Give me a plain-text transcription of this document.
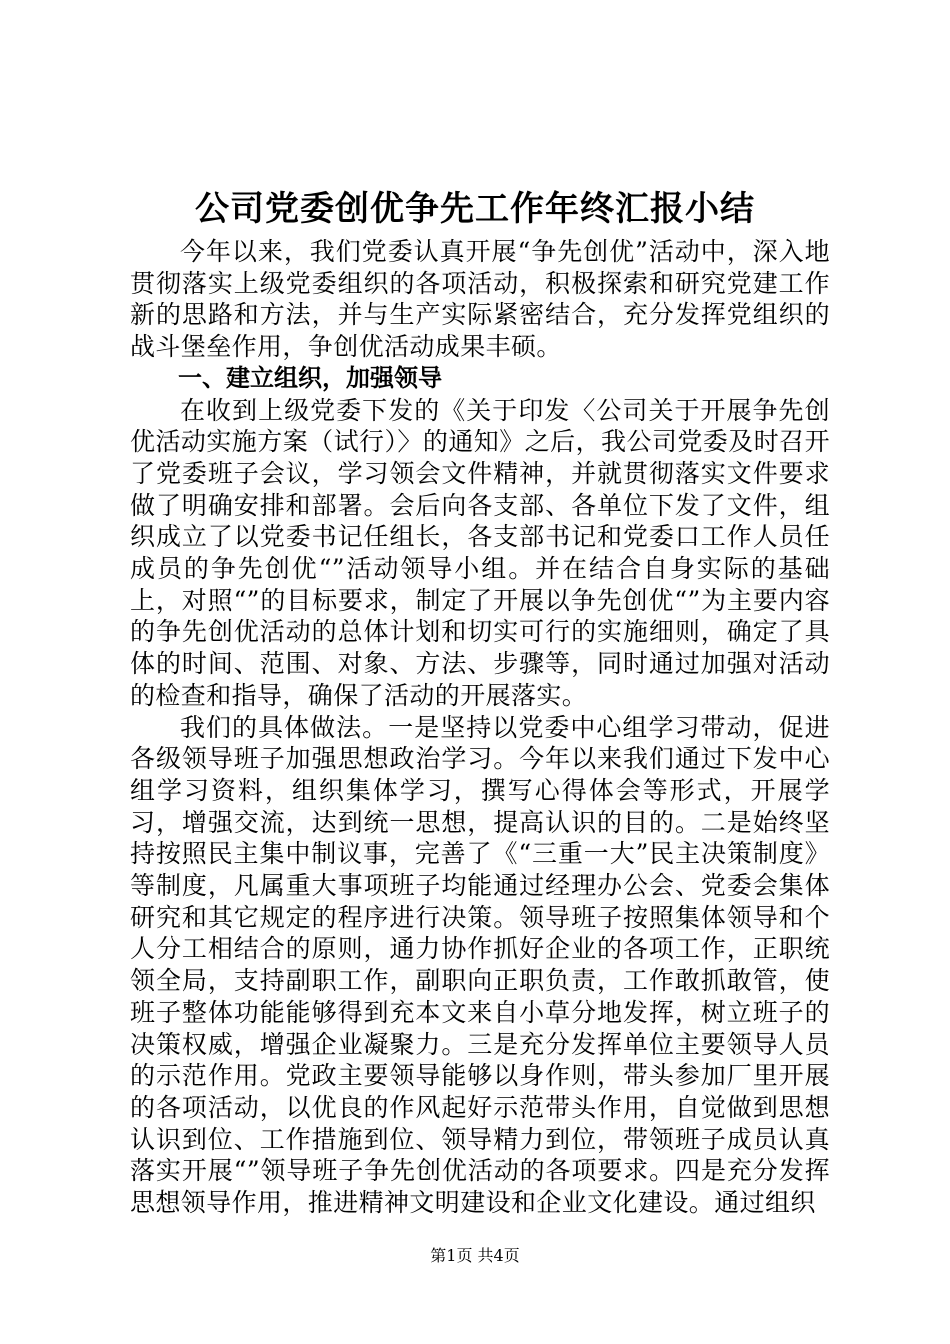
公司党委创优争先工作年终汇报小结

今年以来，我们党委认真开展“争先创优”活动中，深入地贯彻落实上级党委组织的各项活动，积极探索和研究党建工作新的思路和方法，并与生产实际紧密结合，充分发挥党组织的战斗堡垒作用，争创优活动成果丰硕。

一、建立组织，加强领导

在收到上级党委下发的《关于印发〈公司关于开展争先创优活动实施方案（试行）〉的通知》之后，我公司党委及时召开了党委班子会议，学习领会文件精神，并就贯彻落实文件要求做了明确安排和部署。会后向各支部、各单位下发了文件，组织成立了以党委书记任组长，各支部书记和党委口工作人员任成员的争先创优“”活动领导小组。并在结合自身实际的基础上，对照“”的目标要求，制定了开展以争先创优“”为主要内容的争先创优活动的总体计划和切实可行的实施细则，确定了具体的时间、范围、对象、方法、步骤等，同时通过加强对活动的检查和指导，确保了活动的开展落实。

我们的具体做法。一是坚持以党委中心组学习带动，促进各级领导班子加强思想政治学习。今年以来我们通过下发中心组学习资料，组织集体学习，撰写心得体会等形式，开展学习，增强交流，达到统一思想，提高认识的目的。二是始终坚持按照民主集中制议事，完善了《“三重一大”民主决策制度》等制度，凡属重大事项班子均能通过经理办公会、党委会集体研究和其它规定的程序进行决策。领导班子按照集体领导和个人分工相结合的原则，通力协作抓好企业的各项工作，正职统领全局，支持副职工作，副职向正职负责，工作敢抓敢管，使班子整体功能能够得到充本文来自小草分地发挥，树立班子的决策权威，增强企业凝聚力。三是充分发挥单位主要领导人员的示范作用。党政主要领导能够以身作则，带头参加厂里开展的各项活动，以优良的作风起好示范带头作用，自觉做到思想认识到位、工作措施到位、领导精力到位，带领班子成员认真落实开展“”领导班子争先创优活动的各项要求。四是充分发挥思想领导作用，推进精神文明建设和企业文化建设。通过组织

第1页 共4页
